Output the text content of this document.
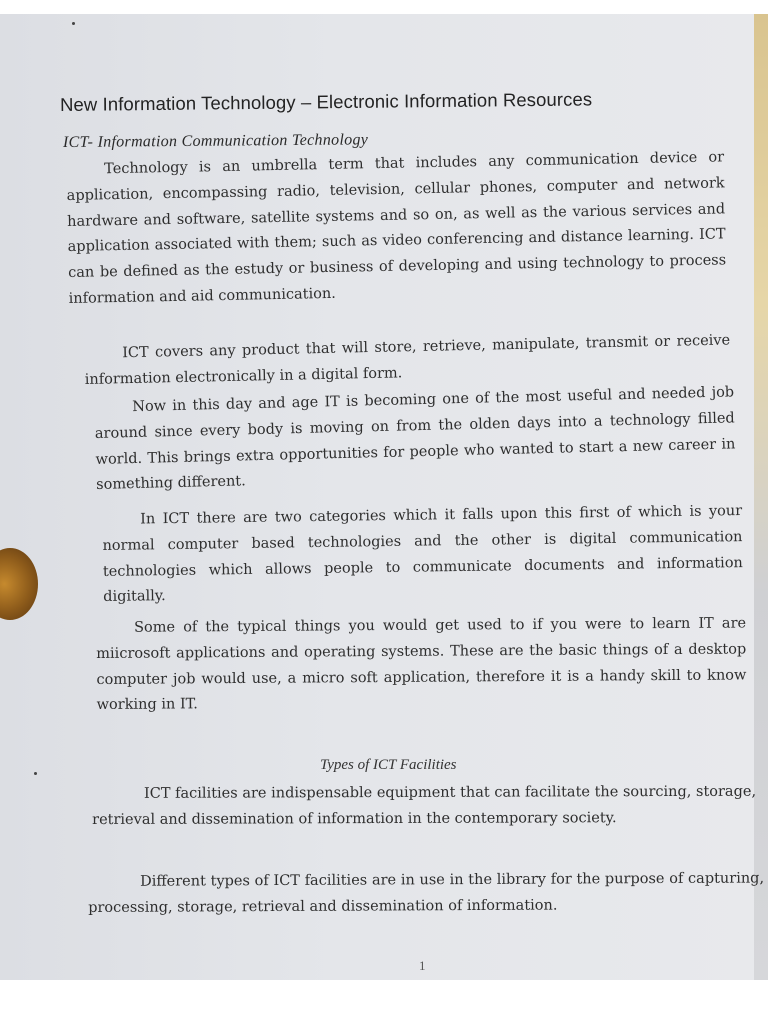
New Information Technology – Electronic Information Resources
ICT- Information Communication Technology
Technology is an umbrella term that includes any communication device or application, encompassing radio, television, cellular phones, computer and network hardware and software, satellite systems and so on, as well as the various services and application associated with them; such as video conferencing and distance learning. ICT can be defined as the estudy or business of developing and using technology to process information and aid communication.
ICT covers any product that will store, retrieve, manipulate, transmit or receive information electronically in a digital form.
Now in this day and age IT is becoming one of the most useful and needed job around since every body is moving on from the olden days into a technology filled world. This brings extra opportunities for people who wanted to start a new career in something different.
In ICT there are two categories which it falls upon this first of which is your normal computer based technologies and the other is digital communication technologies which allows people to communicate documents and information digitally.
Some of the typical things you would get used to if you were to learn IT are miicrosoft applications and operating systems. These are the basic things of a desktop computer job would use, a micro soft application, therefore it is a handy skill to know working in IT.
Types of ICT Facilities
ICT facilities are indispensable equipment that can facilitate the sourcing, storage, retrieval and dissemination of information in the contemporary society.
Different types of ICT facilities are in use in the library for the purpose of capturing, processing, storage, retrieval and dissemination of information.
1
